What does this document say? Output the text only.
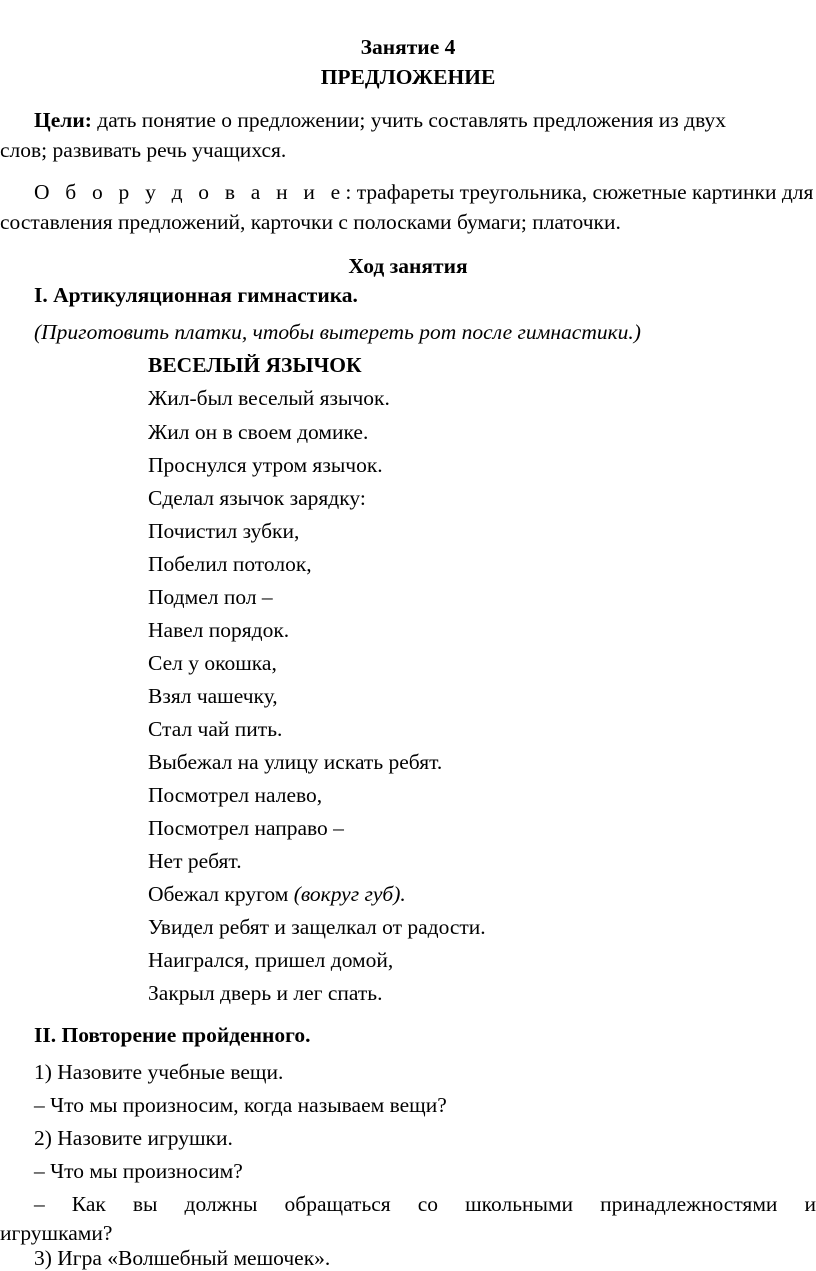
Занятие 4
ПРЕДЛОЖЕНИЕ
Цели: дать понятие о предложении; учить составлять предложения из двух
слов; развивать речь учащихся.
О б о р у д о в а н и е: трафареты треугольника, сюжетные картинки для
составления предложений, карточки с полосками бумаги; платочки.
Ход занятия
I. Артикуляционная гимнастика.
(Приготовить платки, чтобы вытереть рот после гимнастики.)
ВЕСЕЛЫЙ ЯЗЫЧОК
Жил-был веселый язычок.
Жил он в своем домике.
Проснулся утром язычок.
Сделал язычок зарядку:
Почистил зубки,
Побелил потолок,
Подмел пол –
Навел порядок.
Сел у окошка,
Взял чашечку,
Стал чай пить.
Выбежал на улицу искать ребят.
Посмотрел налево,
Посмотрел направо –
Нет ребят.
Обежал кругом (вокруг губ).
Увидел ребят и защелкал от радости.
Наигрался, пришел домой,
Закрыл дверь и лег спать.
II. Повторение пройденного.
1) Назовите учебные вещи.
– Что мы произносим, когда называем вещи?
2) Назовите игрушки.
– Что мы произносим?
– Как вы должны обращаться со школьными принадлежностями и
игрушками?
3) Игра «Волшебный мешочек».
